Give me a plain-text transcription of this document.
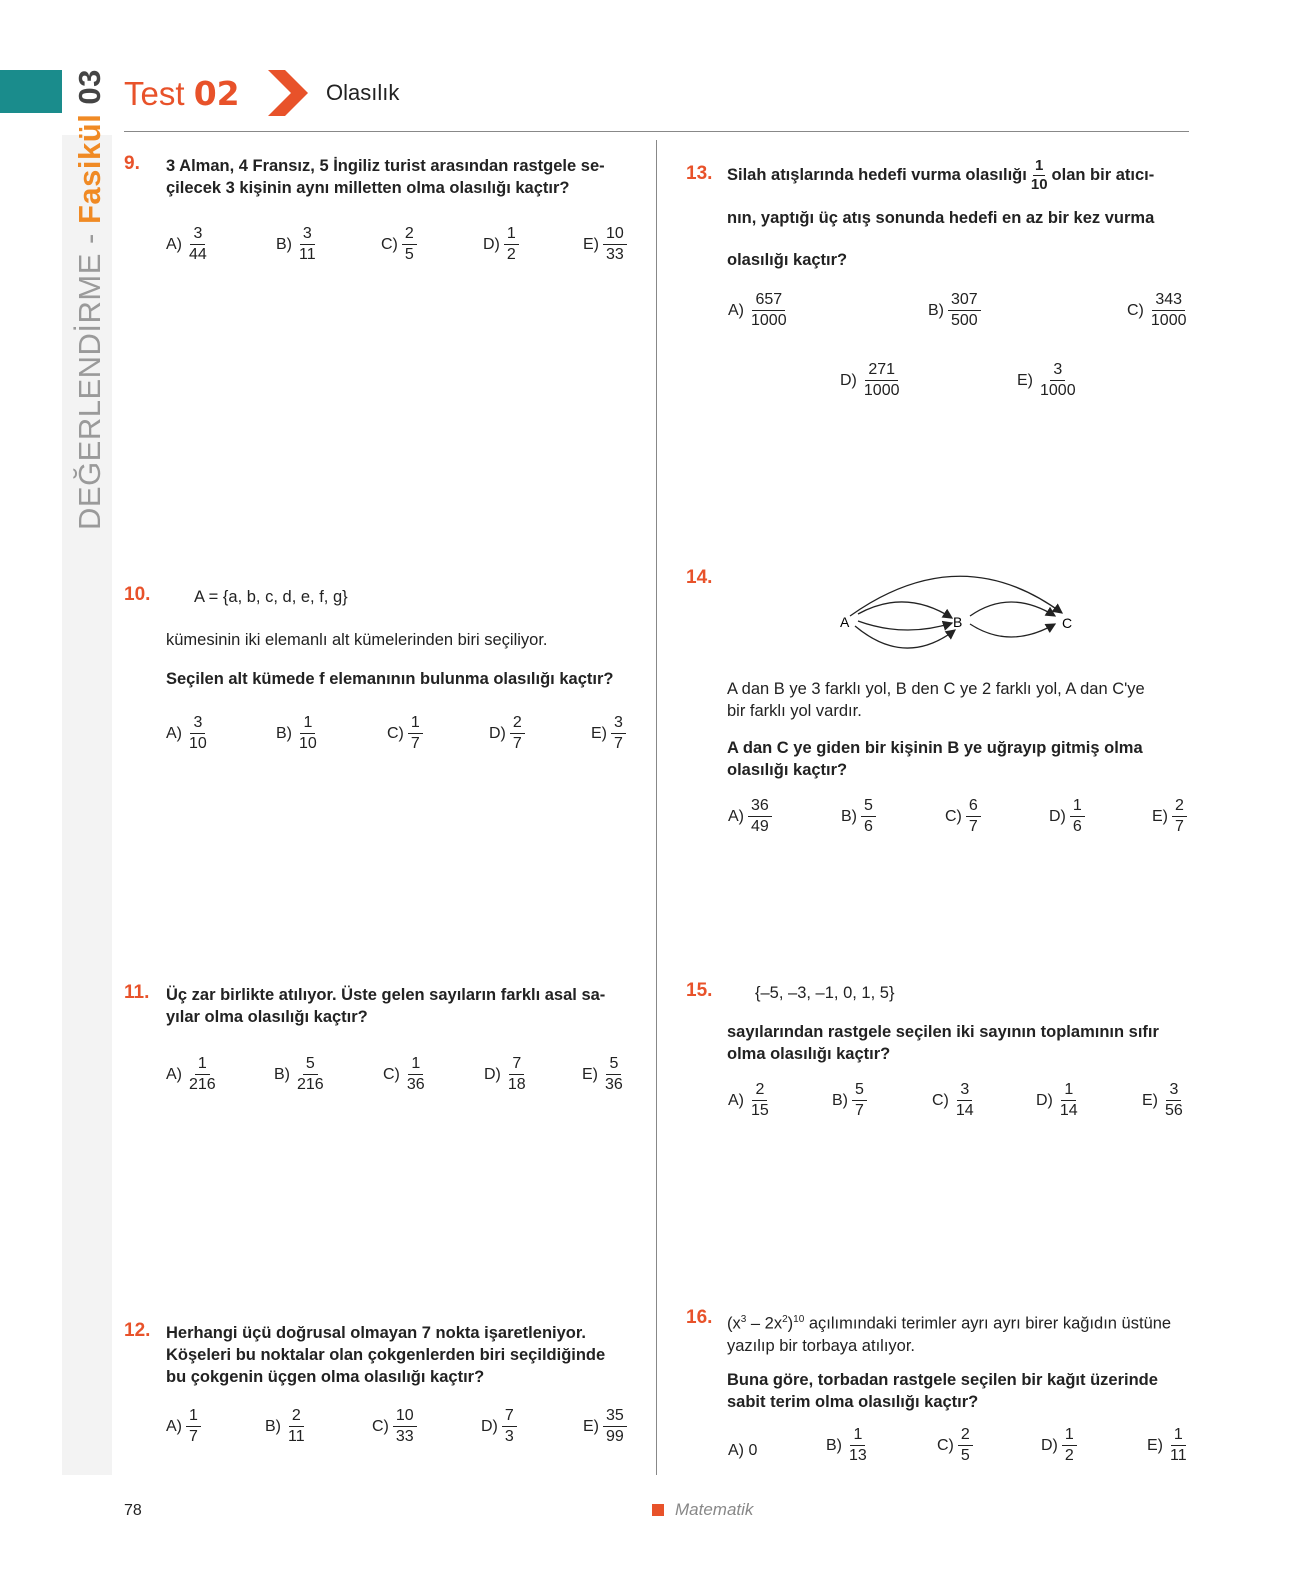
DEĞERLENDİRME - Fasikül 03 Test 02	Olasılık
9. 3 Alman, 4 Fransız, 5 İngiliz turist arasından rastgele se-
çilecek 3 kişinin aynı milletten olma olasılığı kaçtır?
$A) \frac{3}{44}$	$B) \frac{3}{11}$	$C) \frac{2}{5}$	$D) \frac{1}{2}$	$E) \frac{10}{33}$
10.	A = {a, b, c, d, e, f, g}
kümesinin iki elemanlı alt kümelerinden biri seçiliyor.
Seçilen alt kümede f elemanının bulunma olasılığı kaçtır?
$A) \frac{3}{10}$	$B) \frac{1}{10}$	$C) \frac{1}{7}$	$D) \frac{2}{7}$	$E) \frac{3}{7}$
11. Üç zar birlikte atılıyor. Üste gelen sayıların farklı asal sa-
yılar olma olasılığı kaçtır?
$A) \frac{1}{216}$	$B) \frac{5}{216}$	$C) \frac{1}{36}$	$D) \frac{7}{18}$	$E) \frac{5}{36}$
12. Herhangi üçü doğrusal olmayan 7 nokta işaretleniyor.
Köşeleri bu noktalar olan çokgenlerden biri seçildiğinde
bu çokgenin üçgen olma olasılığı kaçtır?
$A) \frac{1}{7}$	$B) \frac{2}{11}$	$C) \frac{10}{33}$	$D) \frac{7}{3}$	$E) \frac{35}{99}$
13. Silah atışlarında hedefi vurma olasılığı $\frac{1}{10}$ olan bir atıcı-
nın, yaptığı üç atış sonunda hedefi en az bir kez vurma
olasılığı kaçtır?
$A) \frac{657}{1000}$	$B) \frac{307}{500}$	$C) \frac{343}{1000}$
$D) \frac{271}{1000}$	$E) \frac{3}{1000}$
14.
A	B	C
A dan B ye 3 farklı yol, B den C ye 2 farklı yol, A dan C'ye
bir farklı yol vardır.
A dan C ye giden bir kişinin B ye uğrayıp gitmiş olma
olasılığı kaçtır?
$A) \frac{36}{49}$	$B) \frac{5}{6}$	$C) \frac{6}{7}$	$D) \frac{1}{6}$	$E) \frac{2}{7}$
15.	{–5, –3, –1, 0, 1, 5}
sayılarından rastgele seçilen iki sayının toplamının sıfır
olma olasılığı kaçtır?
$A) \frac{2}{15}$	$B) \frac{5}{7}$	$C) \frac{3}{14}$	$D) \frac{1}{14}$	$E) \frac{3}{56}$
16. $(x^3 - 2x^2)^{10}$ açılımındaki terimler ayrı ayrı birer kağıdın üstüne
yazılıp bir torbaya atılıyor.
Buna göre, torbadan rastgele seçilen bir kağıt üzerinde
sabit terim olma olasılığı kaçtır?
A) 0	$B) \frac{1}{13}$	$C) \frac{2}{5}$	$D) \frac{1}{2}$	$E) \frac{1}{11}$
78	Matematik
